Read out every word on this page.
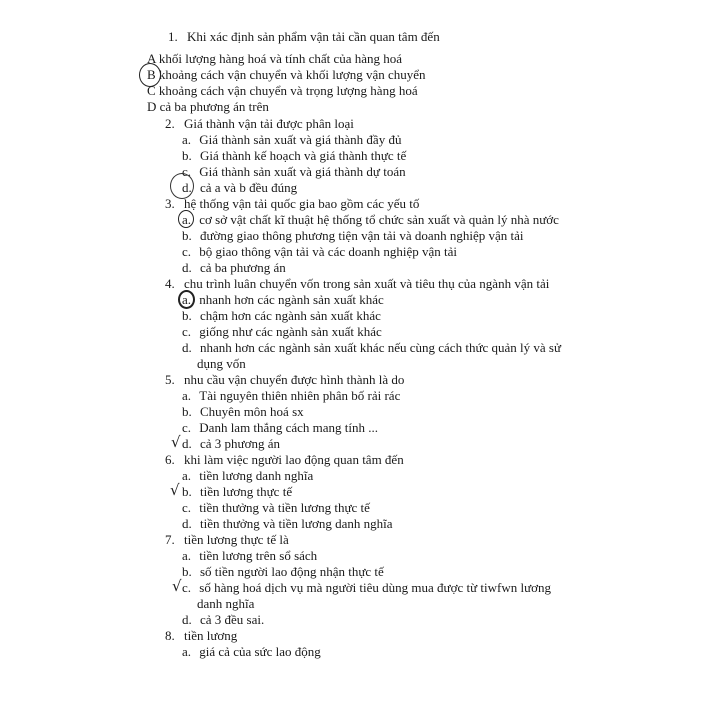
1. Khi xác định sản phẩm vận tải cần quan tâm đến
A khối lượng hàng hoá và tính chất của hàng hoá
B khoảng cách vận chuyển và khối lượng vận chuyển
C khoảng cách vận chuyển và trọng lượng hàng hoá
D cả ba phương án trên
2. Giá thành vận tải được phân loại
a. Giá thành sản xuất và giá thành đầy đủ
b. Giá thành kế hoạch và giá thành thực tế
c. Giá thành sản xuất và giá thành dự toán
d. cả a và b đều đúng
3. hệ thống vận tải quốc gia bao gồm các yếu tố
a. cơ sở vật chất kĩ thuật hệ thống tổ chức sản xuất và quản lý nhà nước
b. đường giao thông phương tiện vận tải và doanh nghiệp vận tải
c. bộ giao thông vận tải và các doanh nghiệp vận tải
d. cả ba phương án
4. chu trình luân chuyển vốn trong sản xuất và tiêu thụ của ngành vận tải
a. nhanh hơn các ngành sản xuất khác
b. chậm hơn các ngành sản xuất khác
c. giống như các ngành sản xuất khác
d. nhanh hơn các ngành sản xuất khác nếu cùng cách thức quản lý và sử
dụng vốn
5. nhu cầu vận chuyển được hình thành là do
a. Tài nguyên thiên nhiên phân bố rải rác
b. Chuyên môn hoá sx
c. Danh lam thắng cách mang tính ...
√ d. cả 3 phương án
6. khi làm việc người lao động quan tâm đến
a. tiền lương danh nghĩa
√ b. tiền lương thực tế
c. tiền thưởng và tiền lương thực tế
d. tiền thưởng và tiền lương danh nghĩa
7. tiền lương thực tế là
a. tiền lương trên sổ sách
b. số tiền người lao động nhận thực tế
√ c. số hàng hoá dịch vụ mà người tiêu dùng mua được từ tiwfwn lương
danh nghĩa
d. cả 3 đều sai.
8. tiền lương
a. giá cả của sức lao động
